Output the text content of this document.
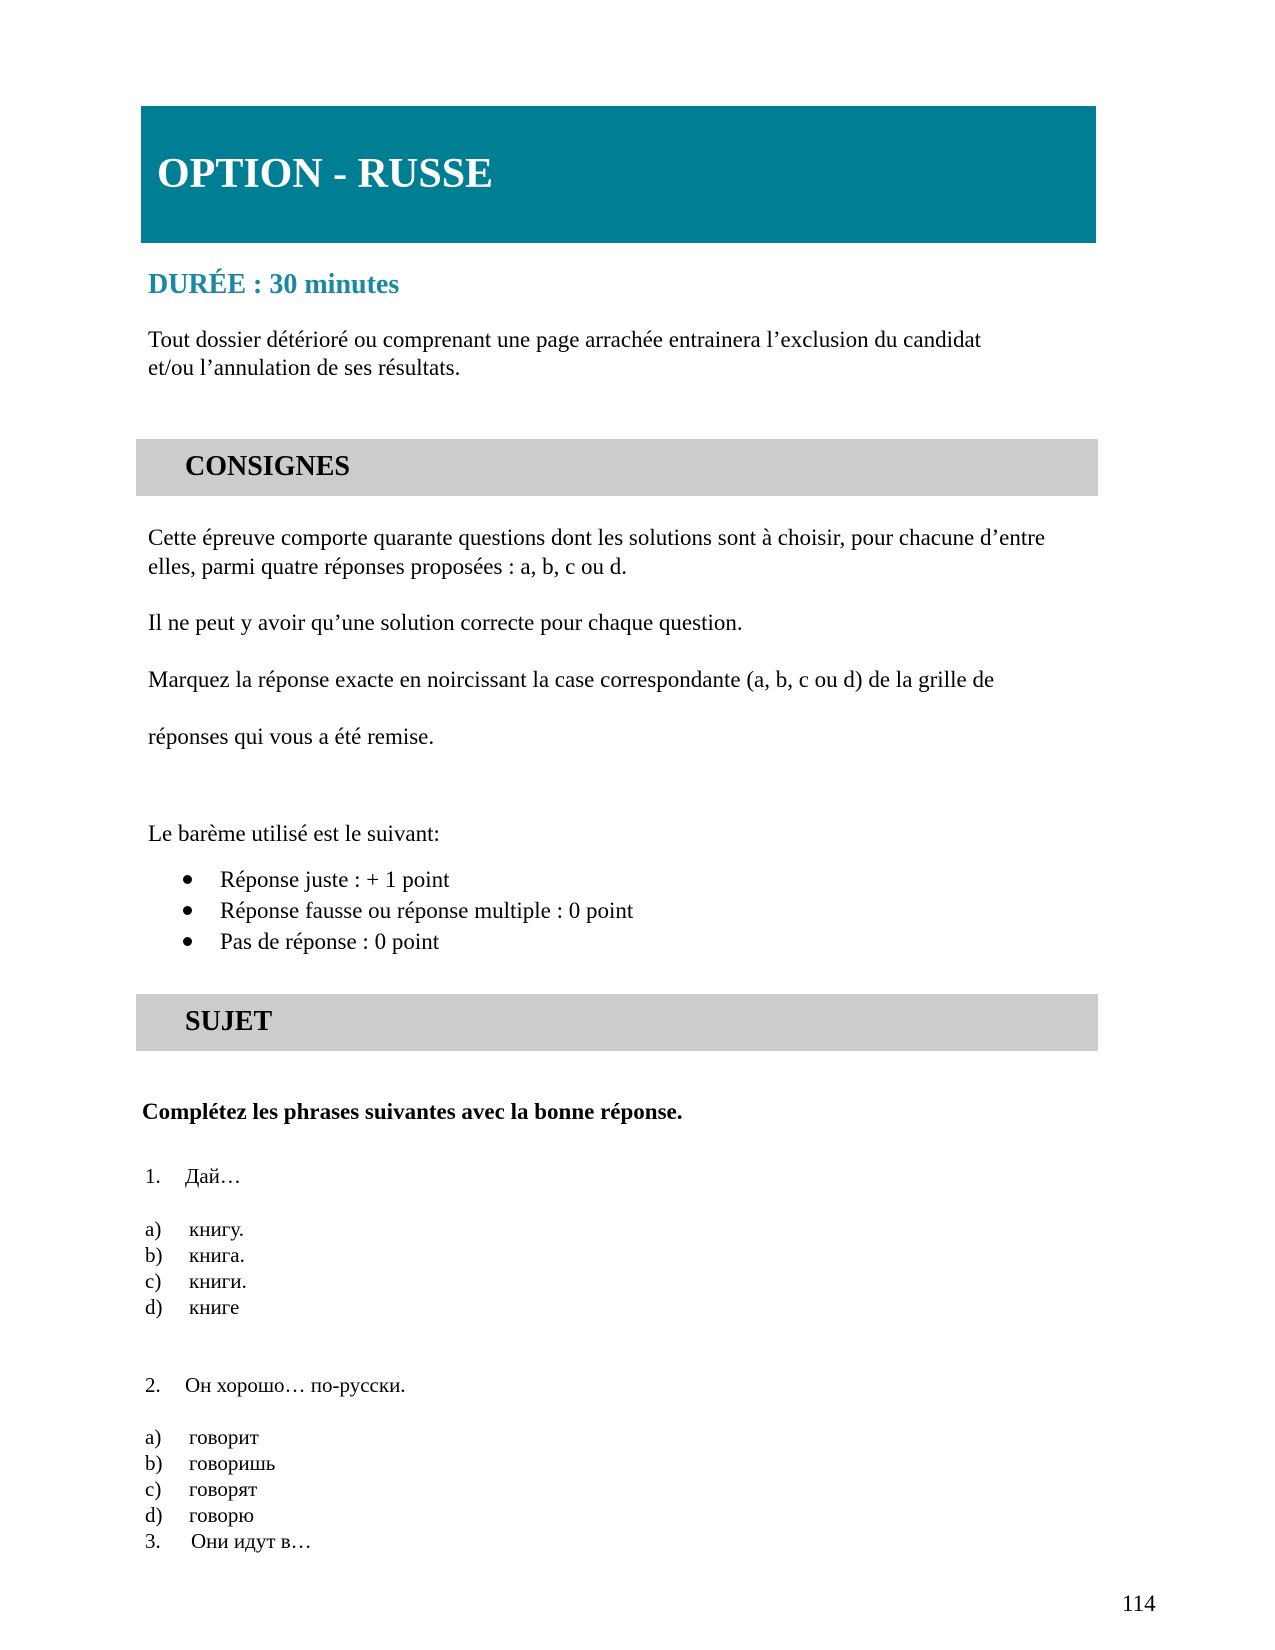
OPTION - RUSSE
DURÉE : 30 minutes
Tout dossier détérioré ou comprenant une page arrachée entrainera l’exclusion du candidat
et/ou l’annulation de ses résultats.
CONSIGNES
Cette épreuve comporte quarante questions dont les solutions sont à choisir, pour chacune d’entre
elles, parmi quatre réponses proposées : a, b, c ou d.
Il ne peut y avoir qu’une solution correcte pour chaque question.
Marquez la réponse exacte en noircissant la case correspondante (a, b, c ou d) de la grille de
réponses qui vous a été remise.
Le barème utilisé est le suivant:
Réponse juste : + 1 point
Réponse fausse ou réponse multiple : 0 point
Pas de réponse : 0 point
SUJET
Complétez les phrases suivantes avec la bonne réponse.
1. Дай…
a) книгу.
b) книга.
c) книги.
d) книге
2. Он хорошо… по-русски.
a) говорит
b) говоришь
c) говорят
d) говорю
3. Они идут в…
114
